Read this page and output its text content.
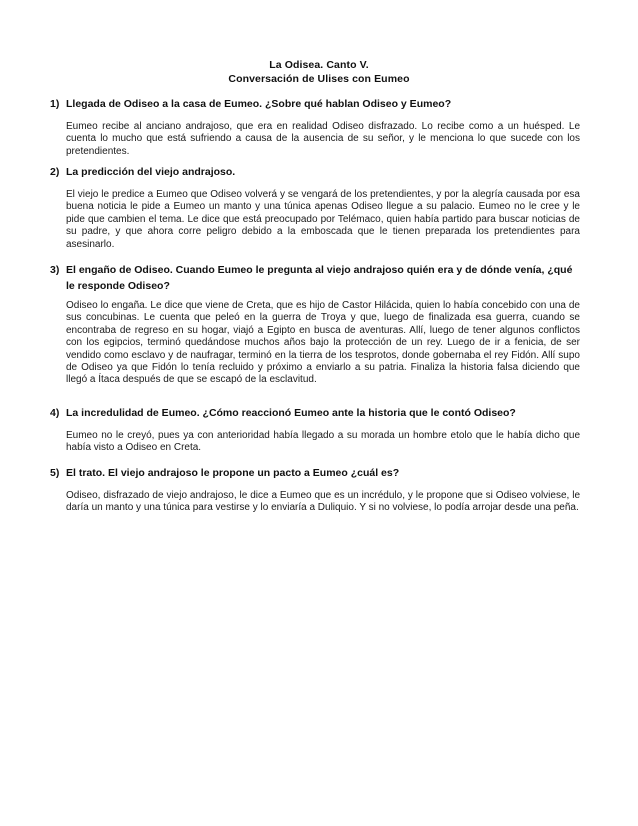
La Odisea. Canto V.
Conversación de Ulises con Eumeo
1) Llegada de Odiseo a la casa de Eumeo. ¿Sobre qué hablan Odiseo y Eumeo?
Eumeo recibe al anciano andrajoso, que era en realidad Odiseo disfrazado. Lo recibe como a un huésped. Le cuenta lo mucho que está sufriendo a causa de la ausencia de su señor, y le menciona lo que sucede con los pretendientes.
2) La predicción del viejo andrajoso.
El viejo le predice a Eumeo que Odiseo volverá y se vengará de los pretendientes, y por la alegría causada por esa buena noticia le pide a Eumeo un manto y una túnica apenas Odiseo llegue a su palacio. Eumeo no le cree y le pide que cambien el tema. Le dice que está preocupado por Telémaco, quien había partido para buscar noticias de su padre, y que ahora corre peligro debido a la emboscada que le tienen preparada los pretendientes para asesinarlo.
3) El engaño de Odiseo. Cuando Eumeo le pregunta al viejo andrajoso quién era y de dónde venía, ¿qué le responde Odiseo?
Odiseo lo engaña. Le dice que viene de Creta, que es hijo de Castor Hilácida, quien lo había concebido con una de sus concubinas. Le cuenta que peleó en la guerra de Troya y que, luego de finalizada esa guerra, cuando se encontraba de regreso en su hogar, viajó a Egipto en busca de aventuras. Allí, luego de tener algunos conflictos con los egipcios, terminó quedándose muchos años bajo la protección de un rey. Luego de ir a fenicia, de ser vendido como esclavo y de naufragar, terminó en la tierra de los tesprotos, donde gobernaba el rey Fidón. Allí supo de Odiseo ya que Fidón lo tenía recluido y próximo a enviarlo a su patria. Finaliza la historia falsa diciendo que llegó a Ítaca después de que se escapó de la esclavitud.
4) La incredulidad de Eumeo. ¿Cómo reaccionó Eumeo ante la historia que le contó Odiseo?
Eumeo no le creyó, pues ya con anterioridad había llegado a su morada un hombre etolo que le había dicho que había visto a Odiseo en Creta.
5) El trato. El viejo andrajoso le propone un pacto a Eumeo ¿cuál es?
Odiseo, disfrazado de viejo andrajoso, le dice a Eumeo que es un incrédulo, y le propone que si Odiseo volviese, le daría un manto y una túnica para vestirse y lo enviaría a Duliquio. Y si no volviese, lo podía arrojar desde una peña.
